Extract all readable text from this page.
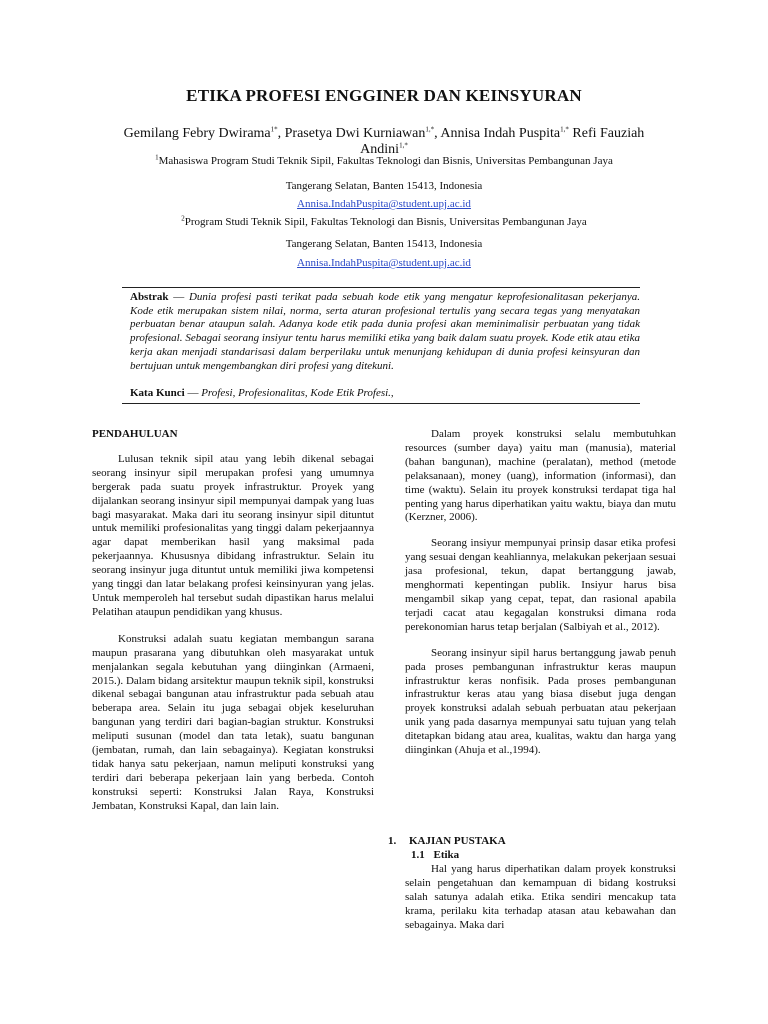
ETIKA PROFESI ENGGINER DAN KEINSYURAN
Gemilang Febry Dwirama$^{1*}$, Prasetya Dwi Kurniawan$^{1,*}$, Annisa Indah Puspita$^{1,*}$ Refi Fauziah Andini$^{1,*}$
$^1$Mahasiswa Program Studi Teknik Sipil, Fakultas Teknologi dan Bisnis, Universitas Pembangunan Jaya
Tangerang Selatan, Banten 15413, Indonesia
Annisa.IndahPuspita@student.upj.ac.id
$^2$Program Studi Teknik Sipil, Fakultas Teknologi dan Bisnis, Universitas Pembangunan Jaya
Tangerang Selatan, Banten 15413, Indonesia
Annisa.IndahPuspita@student.upj.ac.id
Abstrak — Dunia profesi pasti terikat pada sebuah kode etik yang mengatur keprofesionalitasan pekerjanya. Kode etik merupakan sistem nilai, norma, serta aturan profesional tertulis yang secara tegas yang menyatakan perbuatan benar ataupun salah. Adanya kode etik pada dunia profesi akan meminimalisir perbuatan yang tidak profesional. Sebagai seorang insiyur tentu harus memiliki etika yang baik dalam suatu proyek. Kode etik atau etika kerja akan menjadi standarisasi dalam berperilaku untuk menunjang kehidupan di dunia profesi keinsyuran dan bertujuan untuk mengembangkan diri profesi yang ditekuni.
Kata Kunci — Profesi, Profesionalitas, Kode Etik Profesi.,

PENDAHULUAN

Lulusan teknik sipil atau yang lebih dikenal sebagai seorang insinyur sipil merupakan profesi yang umumnya bergerak pada suatu proyek infrastruktur. Proyek yang dijalankan seorang insinyur sipil mempunyai dampak yang luas bagi masyarakat. Maka dari itu seorang insinyur sipil dituntut untuk memiliki profesionalitas yang tinggi dalam pekerjaannya agar dapat memberikan hasil yang maksimal pada pekerjaannya. Khususnya dibidang infrastruktur. Selain itu seorang insinyur juga dituntut untuk memiliki jiwa kompetensi yang tinggi dan latar belakang profesi keinsinyuran yang jelas. Untuk memperoleh hal tersebut sudah dipastikan harus melalui Pelatihan ataupun pendidikan yang khusus.

Konstruksi adalah suatu kegiatan membangun sarana maupun prasarana yang dibutuhkan oleh masyarakat untuk menjalankan segala kebutuhan yang diinginkan (Armaeni, 2015.). Dalam bidang arsitektur maupun teknik sipil, konstruksi dikenal sebagai bangunan atau infrastruktur pada sebuah atau beberapa area. Selain itu juga sebagai objek keseluruhan bangunan yang terdiri dari bagian-bagian struktur. Konstruksi meliputi susunan (model dan tata letak), suatu bangunan (jembatan, rumah, dan lain sebagainya). Kegiatan konstruksi tidak hanya satu pekerjaan, namun meliputi konstruksi yang terdiri dari beberapa pekerjaan lain yang berbeda. Contoh konstruksi seperti: Konstruksi Jalan Raya, Konstruksi Jembatan, Konstruksi Kapal, dan lain lain.

Dalam proyek konstruksi selalu membutuhkan resources (sumber daya) yaitu man (manusia), material (bahan bangunan), machine (peralatan), method (metode pelaksanaan), money (uang), information (informasi), dan time (waktu). Selain itu proyek konstruksi terdapat tiga hal penting yang harus diperhatikan yaitu waktu, biaya dan mutu (Kerzner, 2006).

Seorang insiyur mempunyai prinsip dasar etika profesi yang sesuai dengan keahliannya, melakukan pekerjaan sesuai jasa profesional, tekun, dapat bertanggung jawab, menghormati kepentingan publik. Insiyur harus bisa mengambil sikap yang cepat, tepat, dan rasional apabila terjadi cacat atau kegagalan konstruksi dimana roda perekonomian harus tetap berjalan (Salbiyah et al., 2012).

Seorang insinyur sipil harus bertanggung jawab penuh pada proses pembangunan infrastruktur keras maupun infrastruktur keras nonfisik. Pada proses pembangunan infrastruktur keras atau yang biasa disebut juga dengan proyek konstruksi adalah sebuah perbuatan atau pekerjaan unik yang pada dasarnya mempunyai satu tujuan yang telah ditetapkan bidang atau area, kualitas, waktu dan harga yang diinginkan (Ahuja et al.,1994).

1. KAJIAN PUSTAKA
1.1 Etika

Hal yang harus diperhatikan dalam proyek konstruksi selain pengetahuan dan kemampuan di bidang kostruksi salah satunya adalah etika. Etika sendiri mencakup tata krama, perilaku kita terhadap atasan atau kebawahan dan sebagainya. Maka dari
